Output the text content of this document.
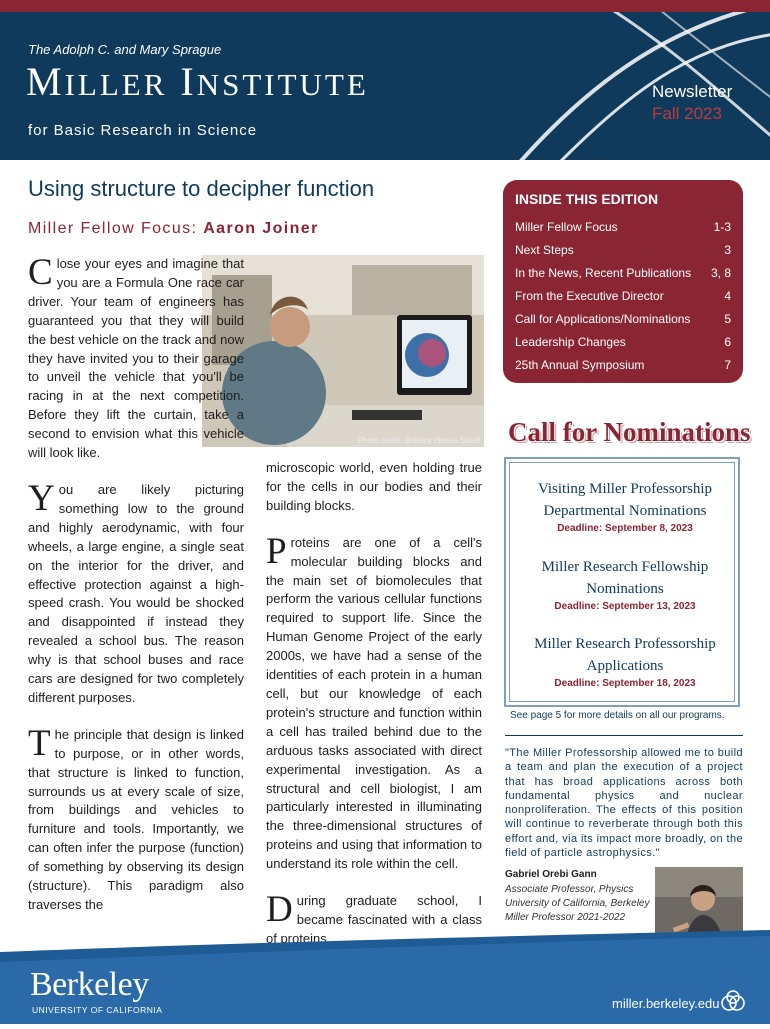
The Adolph C. and Mary Sprague
MILLER INSTITUTE
for Basic Research in Science
Newsletter
Fall 2023
Using structure to decipher function
Miller Fellow Focus: Aaron Joiner
Photo credit: Brittany Hosea-Small

Close your eyes and imagine that you are a Formula One race car driver. Your team of engineers has guaranteed you that they will build the best vehicle on the track and now they have invited you to their garage to unveil the vehicle that you'll be racing in at the next competition. Before they lift the curtain, take a second to envision what this vehicle will look like.

You are likely picturing something low to the ground and highly aerodynamic, with four wheels, a large engine, a single seat on the interior for the driver, and effective protection against a high-speed crash. You would be shocked and disappointed if instead they revealed a school bus. The reason why is that school buses and race cars are designed for two completely different purposes.

The principle that design is linked to purpose, or in other words, that structure is linked to function, surrounds us at every scale of size, from buildings and vehicles to furniture and tools. Importantly, we can often infer the purpose (function) of something by observing its design (structure). This paradigm also traverses the

microscopic world, even holding true for the cells in our bodies and their building blocks.

Proteins are one of a cell's molecular building blocks and the main set of biomolecules that perform the various cellular functions required to support life. Since the Human Genome Project of the early 2000s, we have had a sense of the identities of each protein in a human cell, but our knowledge of each protein's structure and function within a cell has trailed behind due to the arduous tasks associated with direct experimental investigation. As a structural and cell biologist, I am particularly interested in illuminating the three-dimensional structures of proteins and using that information to understand its role within the cell.

During graduate school, I became fascinated with a class of proteins

INSIDE THIS EDITION
Miller Fellow Focus	1-3
Next Steps	3
In the News, Recent Publications 3, 8
From the Executive Director	4
Call for Applications/Nominations	5
Leadership Changes	6
25th Annual Symposium	7
Call for Nominations
Visiting Miller Professorship
Departmental Nominations
Deadline: September 8, 2023
Miller Research Fellowship
Nominations
Deadline: September 13, 2023
Miller Research Professorship
Applications
Deadline: September 18, 2023
See page 5 for more details on all our programs.
"The Miller Professorship allowed me to build a team and plan the execution of a project that has broad applications across both fundamental physics and nuclear nonproliferation. The effects of this position will continue to reverberate through both this effort and, via its impact more broadly, on the field of particle astrophysics."
Gabriel Orebi Gann
Associate Professor, Physics
University of California, Berkeley
Miller Professor 2021-2022
Berkeley
UNIVERSITY OF CALIFORNIA	miller.berkeley.edu
